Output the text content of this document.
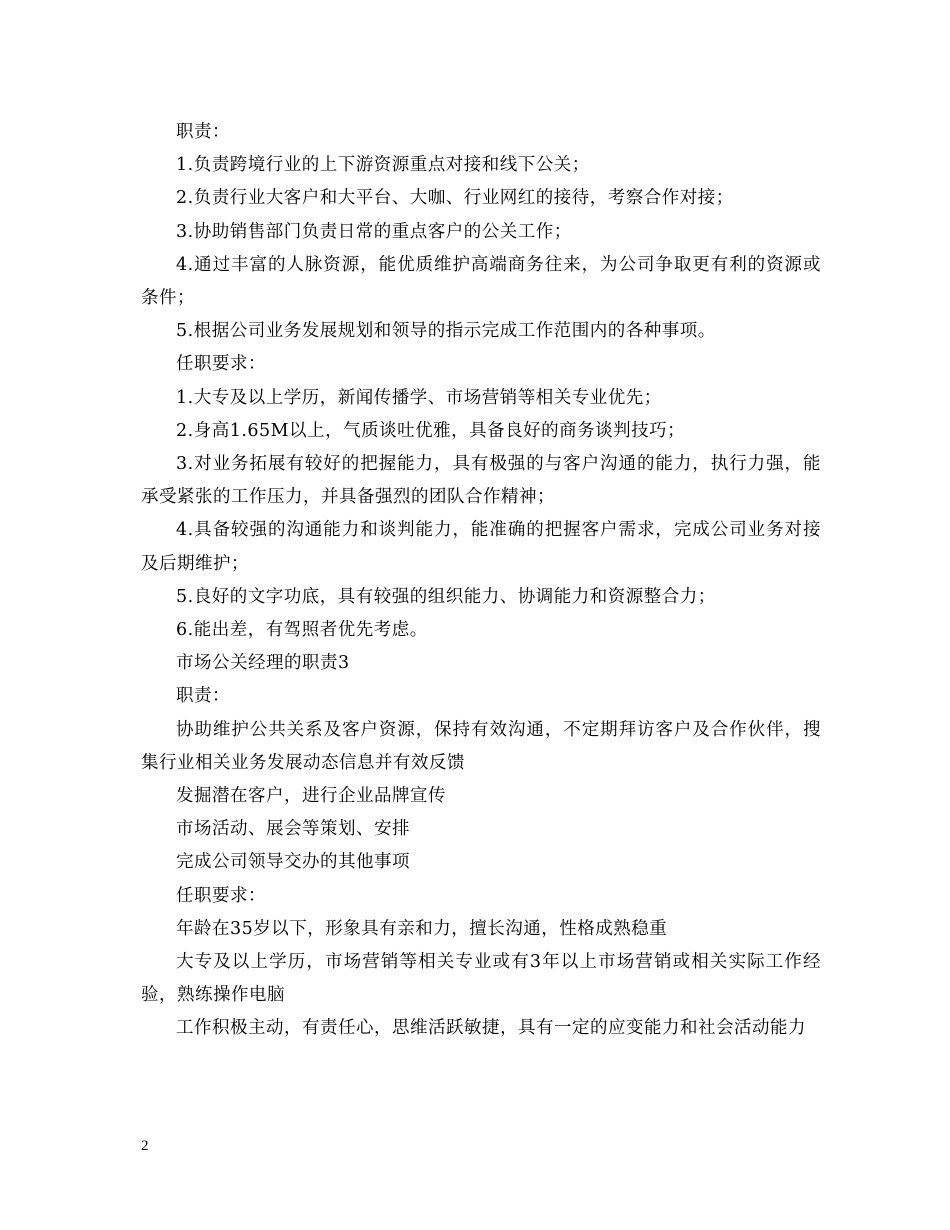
职责：

1.负责跨境行业的上下游资源重点对接和线下公关；

2.负责行业大客户和大平台、大咖、行业网红的接待，考察合作对接；

3.协助销售部门负责日常的重点客户的公关工作；

4.通过丰富的人脉资源，能优质维护高端商务往来，为公司争取更有利的资源或条件；

5.根据公司业务发展规划和领导的指示完成工作范围内的各种事项。

任职要求：

1.大专及以上学历，新闻传播学、市场营销等相关专业优先；

2.身高1.65M以上，气质谈吐优雅，具备良好的商务谈判技巧；

3.对业务拓展有较好的把握能力，具有极强的与客户沟通的能力，执行力强，能承受紧张的工作压力，并具备强烈的团队合作精神；

4.具备较强的沟通能力和谈判能力，能准确的把握客户需求，完成公司业务对接及后期维护；

5.良好的文字功底，具有较强的组织能力、协调能力和资源整合力；

6.能出差，有驾照者优先考虑。

市场公关经理的职责3

职责：

协助维护公共关系及客户资源，保持有效沟通，不定期拜访客户及合作伙伴，搜集行业相关业务发展动态信息并有效反馈

发掘潜在客户，进行企业品牌宣传

市场活动、展会等策划、安排

完成公司领导交办的其他事项

任职要求：

年龄在35岁以下，形象具有亲和力，擅长沟通，性格成熟稳重

大专及以上学历，市场营销等相关专业或有3年以上市场营销或相关实际工作经验，熟练操作电脑

工作积极主动，有责任心，思维活跃敏捷，具有一定的应变能力和社会活动能力

2
